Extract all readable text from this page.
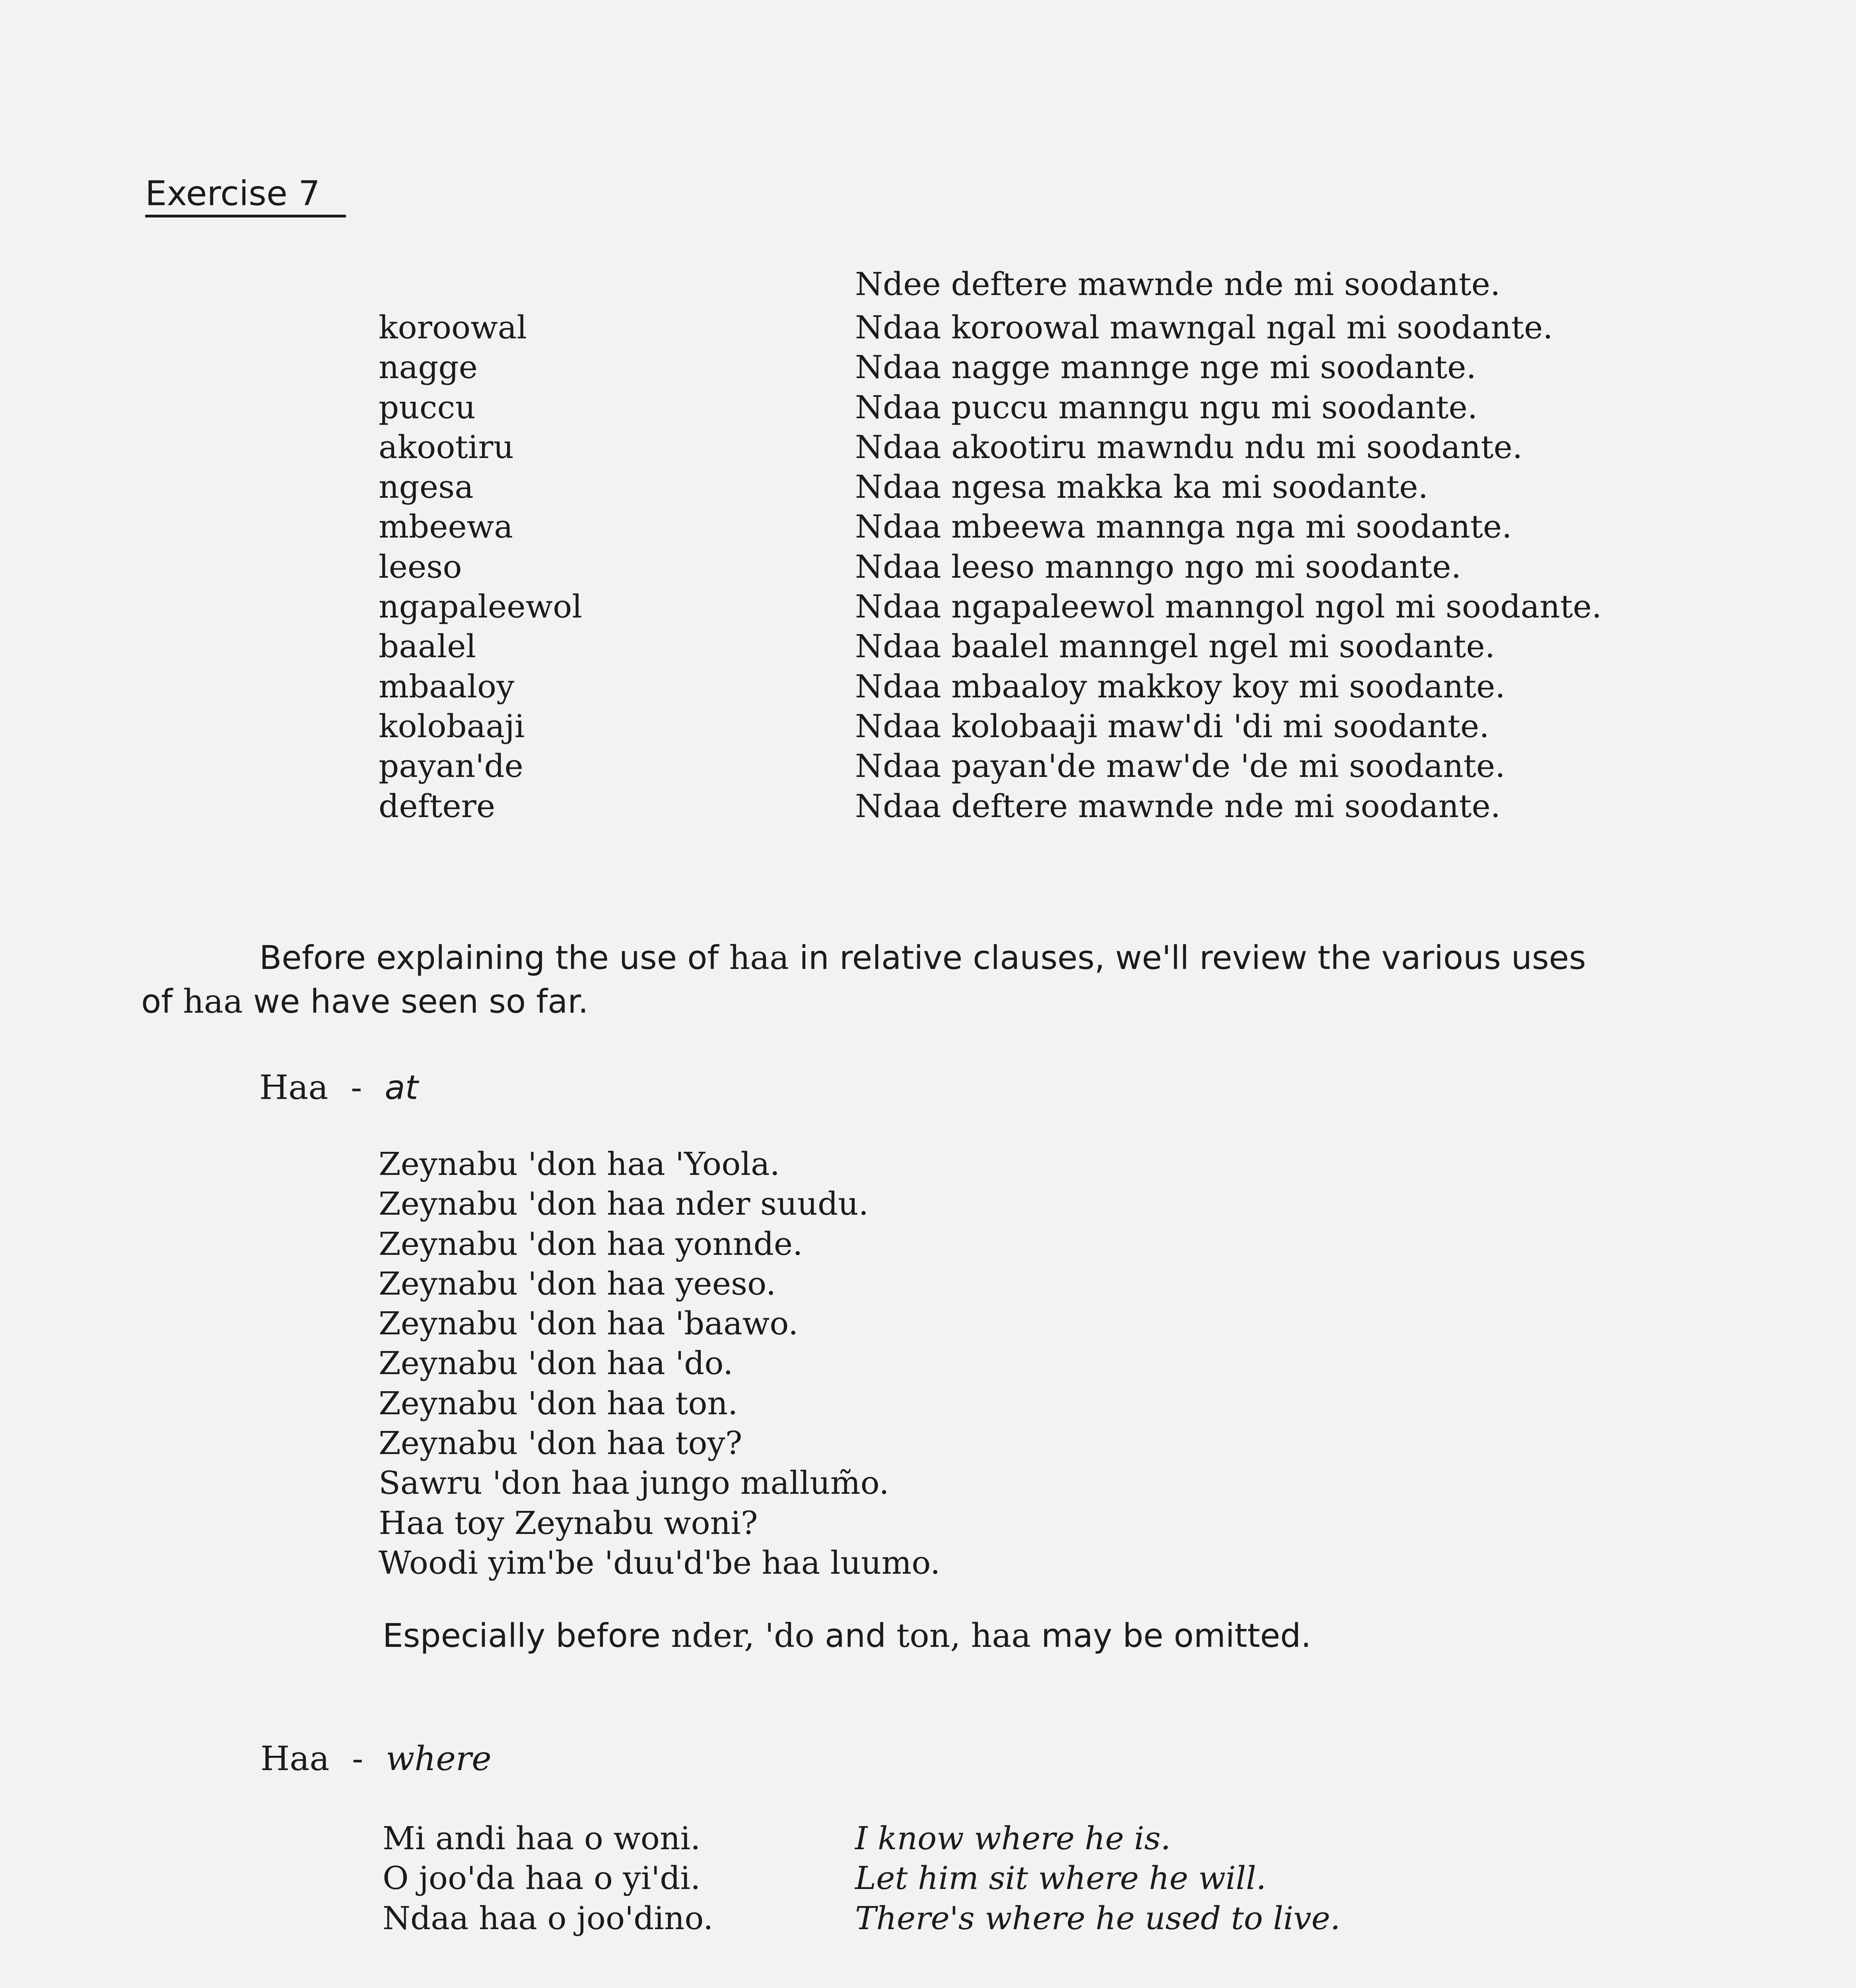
Exercise 7
Ndee deftere mawnde nde mi soodante.
koroowal
nagge
puccu
akootiru
ngesa
mbeewa
leeso
ngapaleewol
baalel
mbaaloy
kolobaaji
payan'de
deftere
Ndaa koroowal mawngal ngal mi soodante.
Ndaa nagge mannge nge mi soodante.
Ndaa puccu manngu ngu mi soodante.
Ndaa akootiru mawndu ndu mi soodante.
Ndaa ngesa makka ka mi soodante.
Ndaa mbeewa mannga nga mi soodante.
Ndaa leeso manngo ngo mi soodante.
Ndaa ngapaleewol manngol ngol mi soodante.
Ndaa baalel manngel ngel mi soodante.
Ndaa mbaaloy makkoy koy mi soodante.
Ndaa kolobaaji maw'di 'di mi soodante.
Ndaa payan'de maw'de 'de mi soodante.
Ndaa deftere mawnde nde mi soodante.
Before explaining the use of haa in relative clauses, we'll review the various uses
of haa we have seen so far.
Haa - at
Zeynabu 'don haa 'Yoola.
Zeynabu 'don haa nder suudu.
Zeynabu 'don haa yonnde.
Zeynabu 'don haa yeeso.
Zeynabu 'don haa 'baawo.
Zeynabu 'don haa 'do.
Zeynabu 'don haa ton.
Zeynabu 'don haa toy?
Sawru 'don haa jungo mallum̃o.
Haa toy Zeynabu woni?
Woodi yim'be 'duu'd'be haa luumo.
Especially before nder, 'do and ton, haa may be omitted.
Haa - where
Mi andi haa o woni.
O joo'da haa o yi'di.
Ndaa haa o joo'dino.
I know where he is.
Let him sit where he will.
There's where he used to live.
